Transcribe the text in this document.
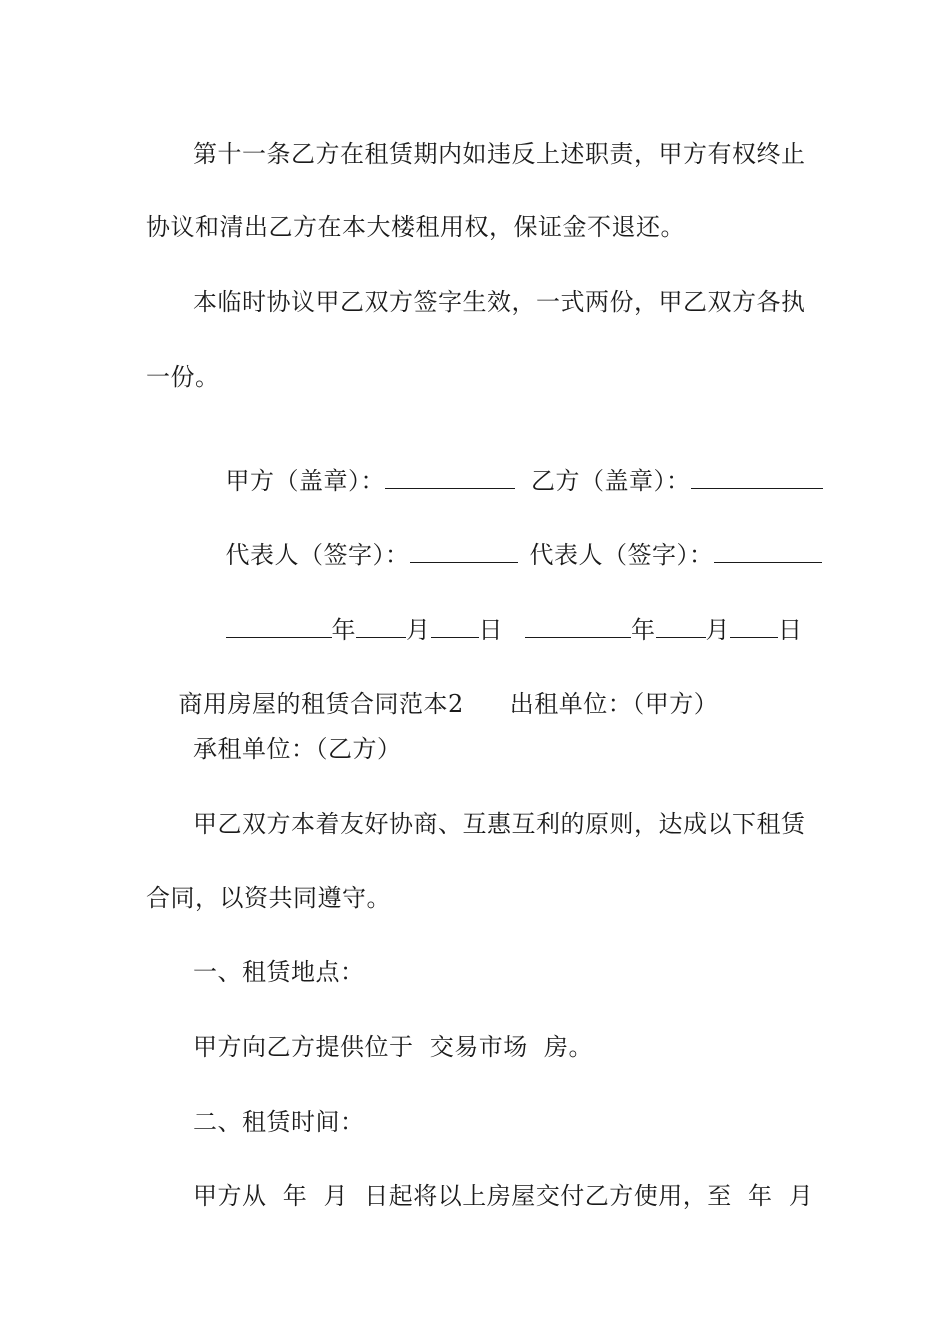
第十一条乙方在租赁期内如违反上述职责，甲方有权终止
协议和清出乙方在本大楼租用权，保证金不退还。
本临时协议甲乙双方签字生效，一式两份，甲乙双方各执
一份。

甲方（盖章）：	乙方（盖章）：

代表人（签字）：	代表人（签字）：

年 月 日	年 月 日

商用房屋的租赁合同范本2 出租单位：（甲方）

承租单位：（乙方）
甲乙双方本着友好协商、互惠互利的原则，达成以下租赁
合同，以资共同遵守。
一、租赁地点：
甲方向乙方提供位于  交易市场  房。
二、租赁时间：
甲方从  年  月  日起将以上房屋交付乙方使用，至  年  月
